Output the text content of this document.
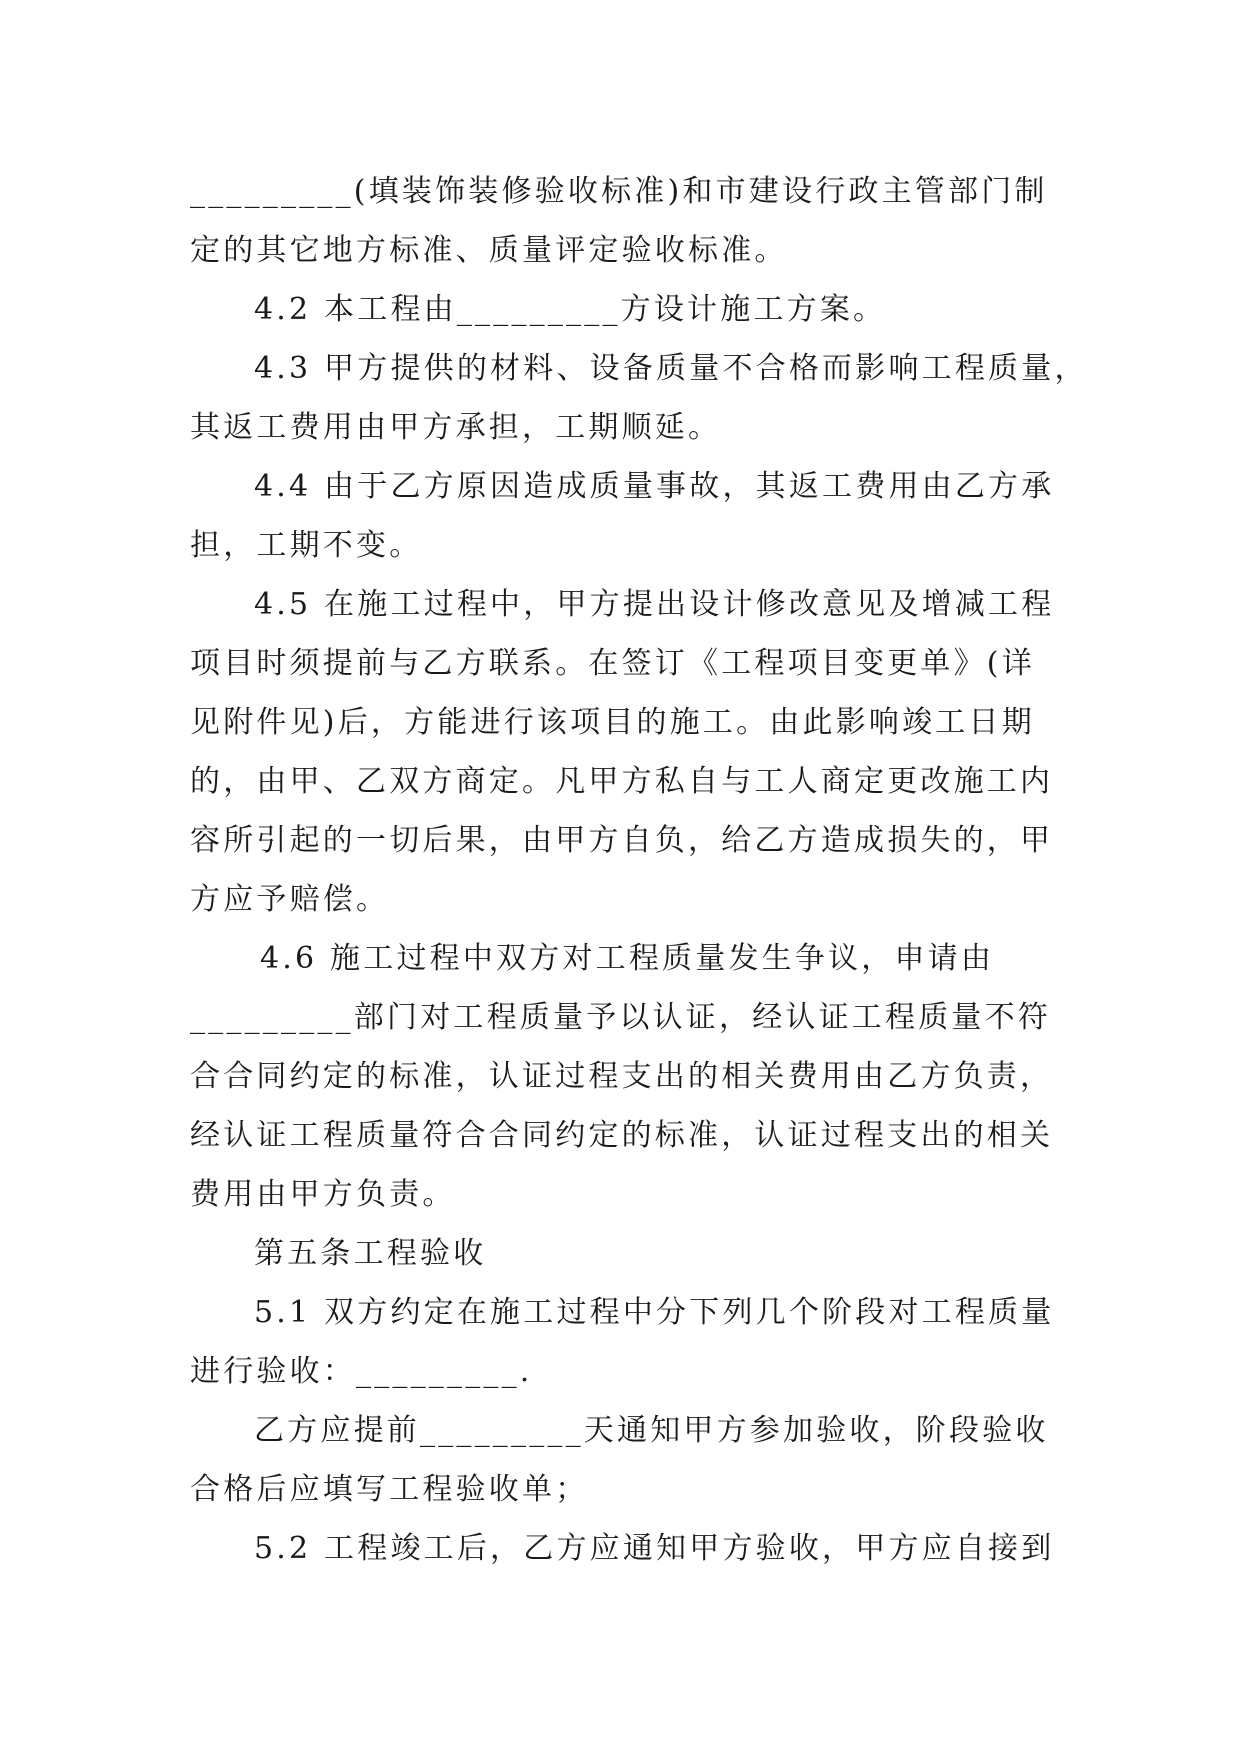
_________(填装饰装修验收标准)和市建设行政主管部门制
定的其它地方标准、质量评定验收标准。
4.2 本工程由_________方设计施工方案。
4.3 甲方提供的材料、设备质量不合格而影响工程质量，
其返工费用由甲方承担，工期顺延。
4.4 由于乙方原因造成质量事故，其返工费用由乙方承
担，工期不变。
4.5 在施工过程中，甲方提出设计修改意见及增减工程
项目时须提前与乙方联系。在签订《工程项目变更单》(详
见附件见)后，方能进行该项目的施工。由此影响竣工日期
的，由甲、乙双方商定。凡甲方私自与工人商定更改施工内
容所引起的一切后果，由甲方自负，给乙方造成损失的，甲
方应予赔偿。
4.6 施工过程中双方对工程质量发生争议，申请由
_________部门对工程质量予以认证，经认证工程质量不符
合合同约定的标准，认证过程支出的相关费用由乙方负责，
经认证工程质量符合合同约定的标准，认证过程支出的相关
费用由甲方负责。
第五条工程验收
5.1 双方约定在施工过程中分下列几个阶段对工程质量
进行验收：_________.
乙方应提前_________天通知甲方参加验收，阶段验收
合格后应填写工程验收单；
5.2 工程竣工后，乙方应通知甲方验收，甲方应自接到
